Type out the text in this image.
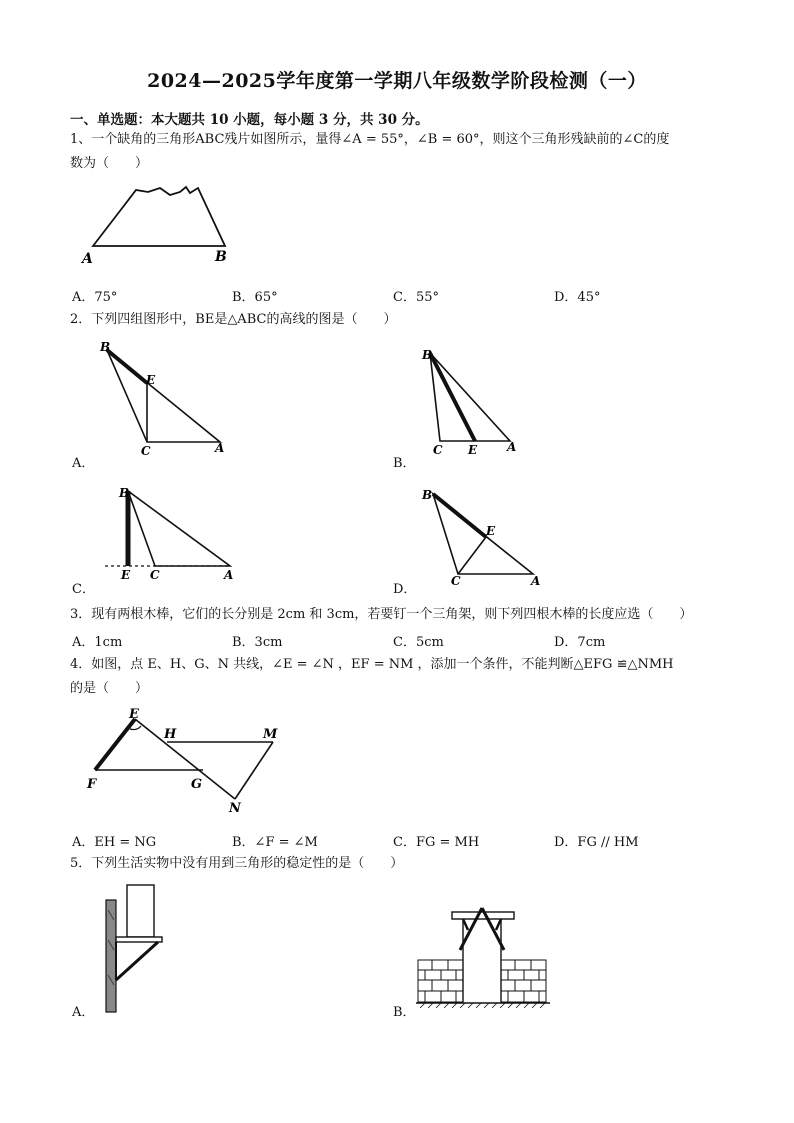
2024—2025学年度第一学期八年级数学阶段检测（一）
一、单选题：本大题共 10 小题，每小题 3 分，共 30 分。
1、一个缺角的三角形ABC残片如图所示，量得∠A = 55°，∠B = 60°，则这个三角形残缺前的∠C的度
数为（　　）
A	B
A．75°	B．65°	C．55°	D．45°
2．下列四组图形中，BE是△ABC的高线的图是（　　）
B
E
C	A
A．
B
C E A
B．
B
E C	A
C．
B
E
C	A
D．
3．现有两根木棒，它们的长分别是 2cm 和 3cm，若要钉一个三角架，则下列四根木棒的长度应选（　　）
A．1cm	B．3cm	C．5cm	D．7cm
4．如图，点 E、H、G、N 共线，∠E = ∠N ，EF = NM ，添加一个条件，不能判断△EFG ≌△NMH
的是（　　）
E
H	M
F	G
N
A．EH = NG	B．∠F = ∠M	C．FG = MH	D．FG // HM
5．下列生活实物中没有用到三角形的稳定性的是（　　）
A．	B．
